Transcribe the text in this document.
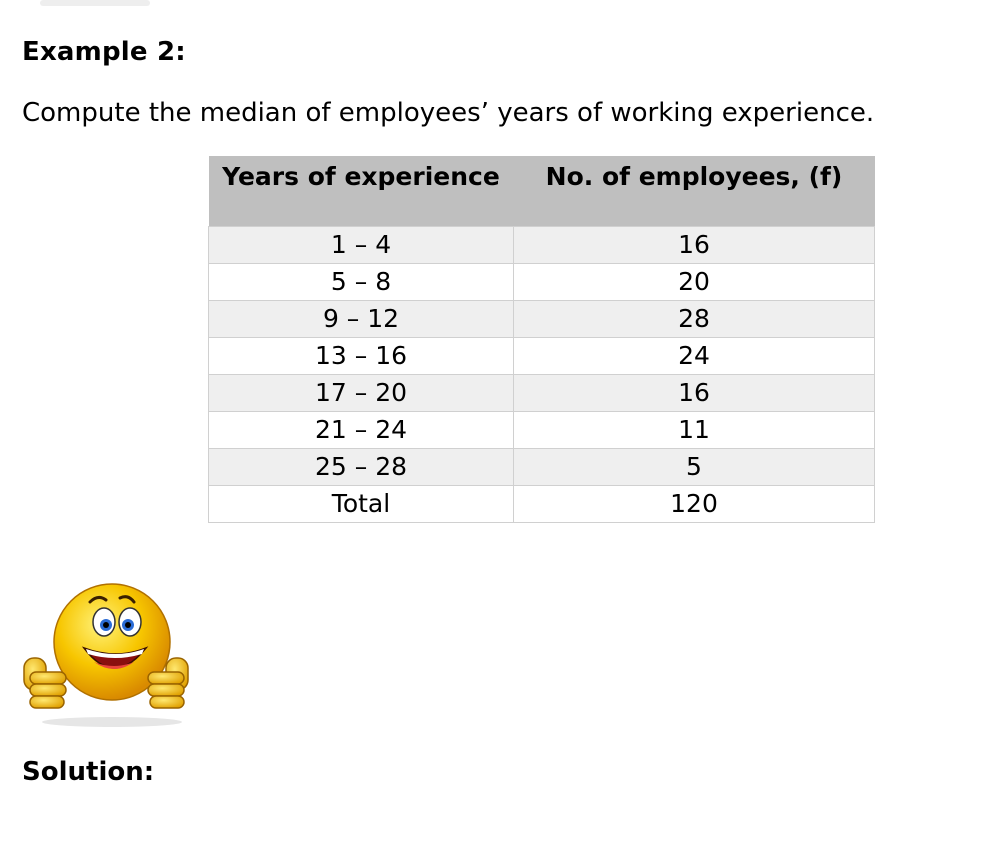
Example 2:
Compute the median of employees’ years of working experience.
Years of experience	No. of employees, (f)
1 – 4	16
5 – 8	20
9 – 12	28
13 – 16	24
17 – 20	16
21 – 24	11
25 – 28	5
Total	120
Solution:
